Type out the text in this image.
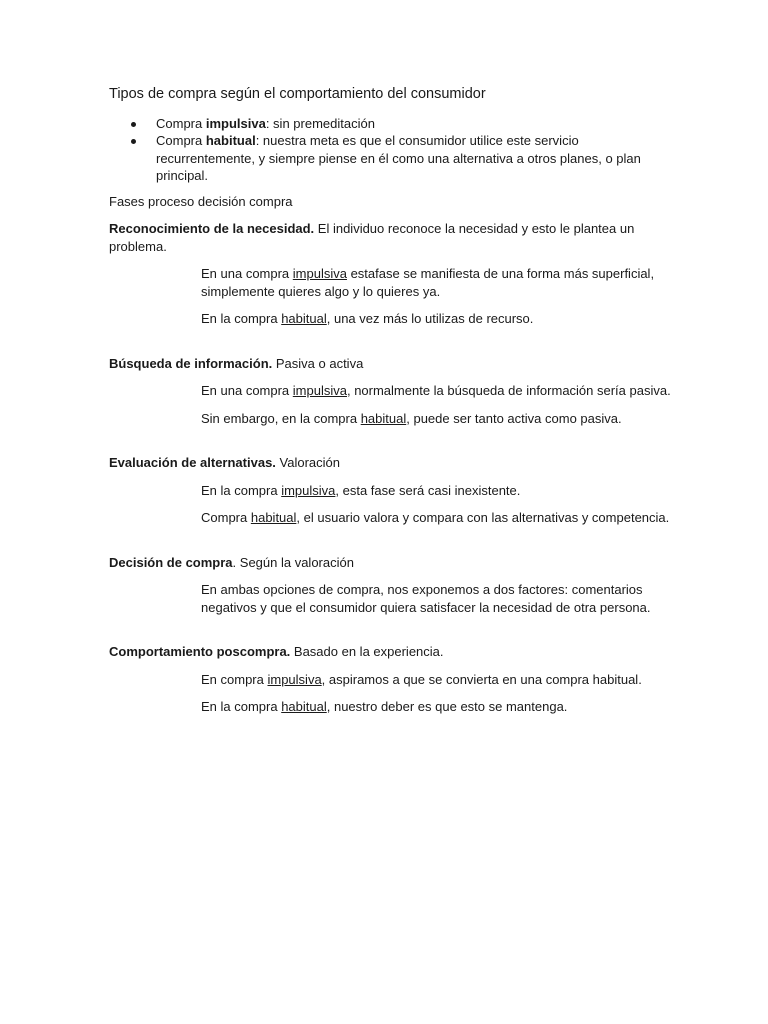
Tipos de compra según el comportamiento del consumidor

Compra impulsiva: sin premeditación
Compra habitual: nuestra meta es que el consumidor utilice este servicio recurrentemente, y siempre piense en él como una alternativa a otros planes, o plan principal.

Fases proceso decisión compra

Reconocimiento de la necesidad. El individuo reconoce la necesidad y esto le plantea un problema.

En una compra impulsiva estafase se manifiesta de una forma más superficial, simplemente quieres algo y lo quieres ya.

En la compra habitual, una vez más lo utilizas de recurso.

Búsqueda de información. Pasiva o activa

En una compra impulsiva, normalmente la búsqueda de información sería pasiva.

Sin embargo, en la compra habitual, puede ser tanto activa como pasiva.

Evaluación de alternativas. Valoración

En la compra impulsiva, esta fase será casi inexistente.

Compra habitual, el usuario valora y compara con las alternativas y competencia.

Decisión de compra. Según la valoración

En ambas opciones de compra, nos exponemos a dos factores: comentarios negativos y que el consumidor quiera satisfacer la necesidad de otra persona.

Comportamiento poscompra. Basado en la experiencia.

En compra impulsiva, aspiramos a que se convierta en una compra habitual.

En la compra habitual, nuestro deber es que esto se mantenga.
